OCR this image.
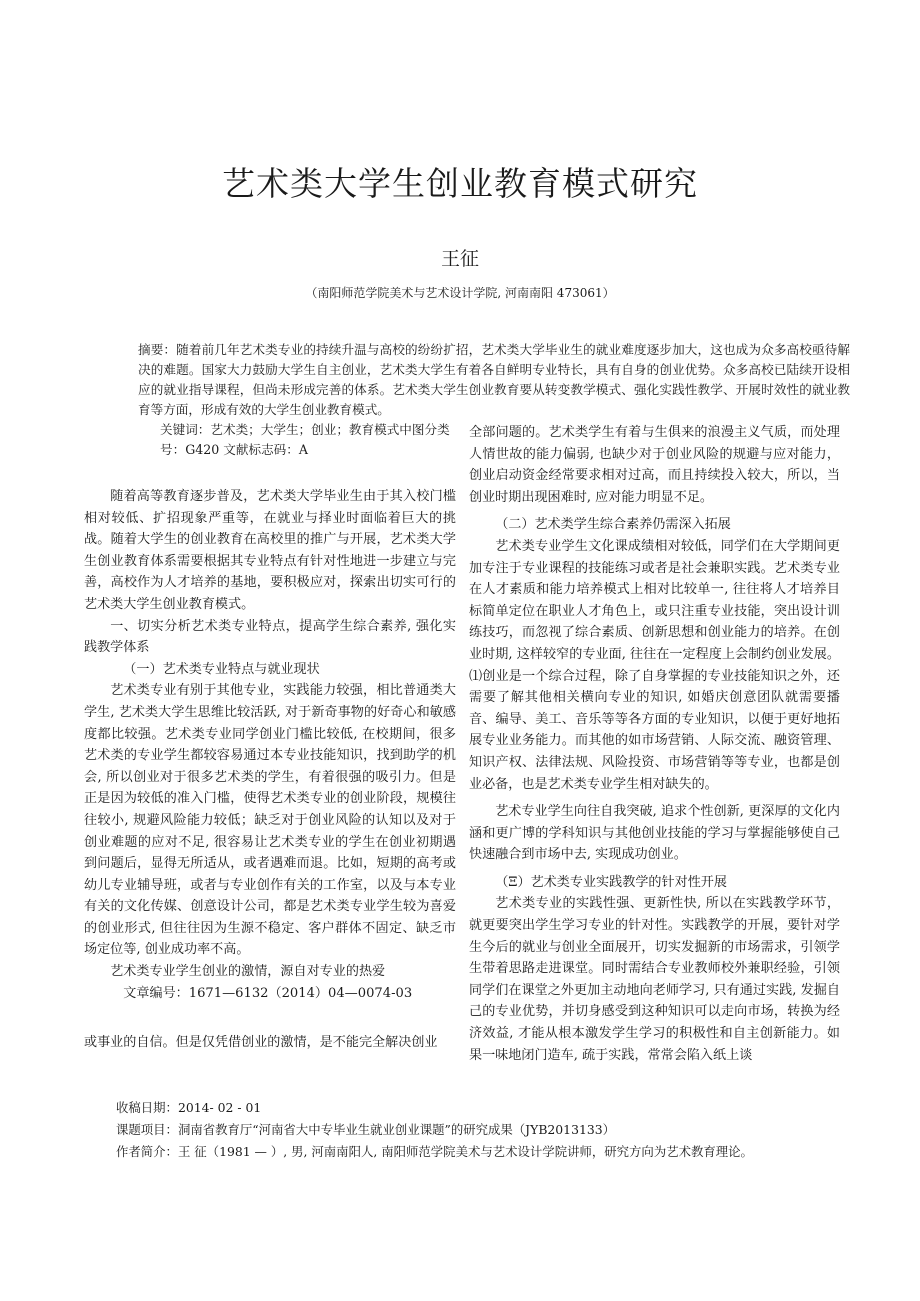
艺术类大学生创业教育模式研究
王征
（南阳师范学院美术与艺术设计学院, 河南南阳 473061）
摘要：随着前几年艺术类专业的持续升温与高校的纷纷扩招，艺术类大学毕业生的就业难度逐步加大，这也成为众多高校亟待解决的难题。国家大力鼓励大学生自主创业，艺术类大学生有着各自鲜明专业特长，具有自身的创业优势。众多高校已陆续开设相应的就业指导课程，但尚未形成完善的体系。艺术类大学生创业教育要从转变教学模式、强化实践性教学、开展时效性的就业教育等方面，形成有效的大学生创业教育模式。
关键词：艺术类；大学生；创业；教育模式中图分类号：G420 文献标志码：A

随着高等教育逐步普及，艺术类大学毕业生由于其入校门槛相对较低、扩招现象严重等，在就业与择业时面临着巨大的挑战。随着大学生的创业教育在高校里的推广与开展，艺术类大学生创业教育体系需要根据其专业特点有针对性地进一步建立与完善，高校作为人才培养的基地，要积极应对，探索出切实可行的艺术类大学生创业教育模式。

一、切实分析艺术类专业特点，提高学生综合素养, 强化实践教学体系

（一）艺术类专业特点与就业现状

艺术类专业有别于其他专业，实践能力较强，相比普通类大学生, 艺术类大学生思维比较活跃, 对于新奇事物的好奇心和敏感度都比较强。艺术类专业同学创业门槛比较低, 在校期间，很多艺术类的专业学生都较容易通过本专业技能知识，找到助学的机会, 所以创业对于很多艺术类的学生，有着很强的吸引力。但是正是因为较低的准入门槛，使得艺术类专业的创业阶段，规模往往较小, 规避风险能力较低；缺乏对于创业风险的认知以及对于创业难题的应对不足, 很容易让艺术类专业的学生在创业初期遇到问题后，显得无所适从，或者遇难而退。比如，短期的高考或幼儿专业辅导班，或者与专业创作有关的工作室，以及与本专业有关的文化传媒、创意设计公司，都是艺术类专业学生较为喜爱的创业形式, 但往往因为生源不稳定、客户群体不固定、缺乏市场定位等, 创业成功率不高。

艺术类专业学生创业的激情，源自对专业的热爱

文章编号：1671—6132（2014）04—0074-03

或事业的自信。但是仅凭借创业的激情，是不能完全解决创业

全部问题的。艺术类学生有着与生俱来的浪漫主义气质，而处理人情世故的能力偏弱, 也缺少对于创业风险的规避与应对能力，创业启动资金经常要求相对过高，而且持续投入较大，所以，当创业时期出现困难时, 应对能力明显不足。

（二）艺术类学生综合素养仍需深入拓展

艺术类专业学生文化课成绩相对较低，同学们在大学期间更加专注于专业课程的技能练习或者是社会兼职实践。艺术类专业在人才素质和能力培养模式上相对比较单一, 往往将人才培养目标简单定位在职业人才角色上，或只注重专业技能，突出设计训练技巧，而忽视了综合素质、创新思想和创业能力的培养。在创业时期, 这样较窄的专业面, 往往在一定程度上会制约创业发展。⑴创业是一个综合过程，除了自身掌握的专业技能知识之外，还需要了解其他相关横向专业的知识, 如婚庆创意团队就需要播音、编导、美工、音乐等等各方面的专业知识，以便于更好地拓展专业业务能力。而其他的如市场营销、人际交流、融资管理、知识产权、法律法规、风险投资、市场营销等等专业，也都是创业必备，也是艺术类专业学生相对缺失的。

艺术专业学生向往自我突破, 追求个性创新, 更深厚的文化内涵和更广博的学科知识与其他创业技能的学习与掌握能够使自己快速融合到市场中去, 实现成功创业。

（Ξ）艺术类专业实践教学的针对性开展

艺术类专业的实践性强、更新性快, 所以在实践教学环节，就更要突出学生学习专业的针对性。实践教学的开展，要针对学生今后的就业与创业全面展开，切实发掘新的市场需求，引领学生带着思路走进课堂。同时需结合专业教师校外兼职经验，引领同学们在课堂之外更加主动地向老师学习, 只有通过实践, 发掘自己的专业优势，并切身感受到这种知识可以走向市场，转换为经济效益, 才能从根本激发学生学习的积极性和自主创新能力。如果一味地闭门造车, 疏于实践，常常会陷入纸上谈

收稿日期：2014- 02 - 01
课题项目：洞南省教育厅“河南省大中专毕业生就业创业课题”的研究成果（JYB2013133）
作者简介：王 征（1981 — ）, 男, 河南南阳人, 南阳师范学院美术与艺术设计学院讲师，研究方向为艺术教育理论。
